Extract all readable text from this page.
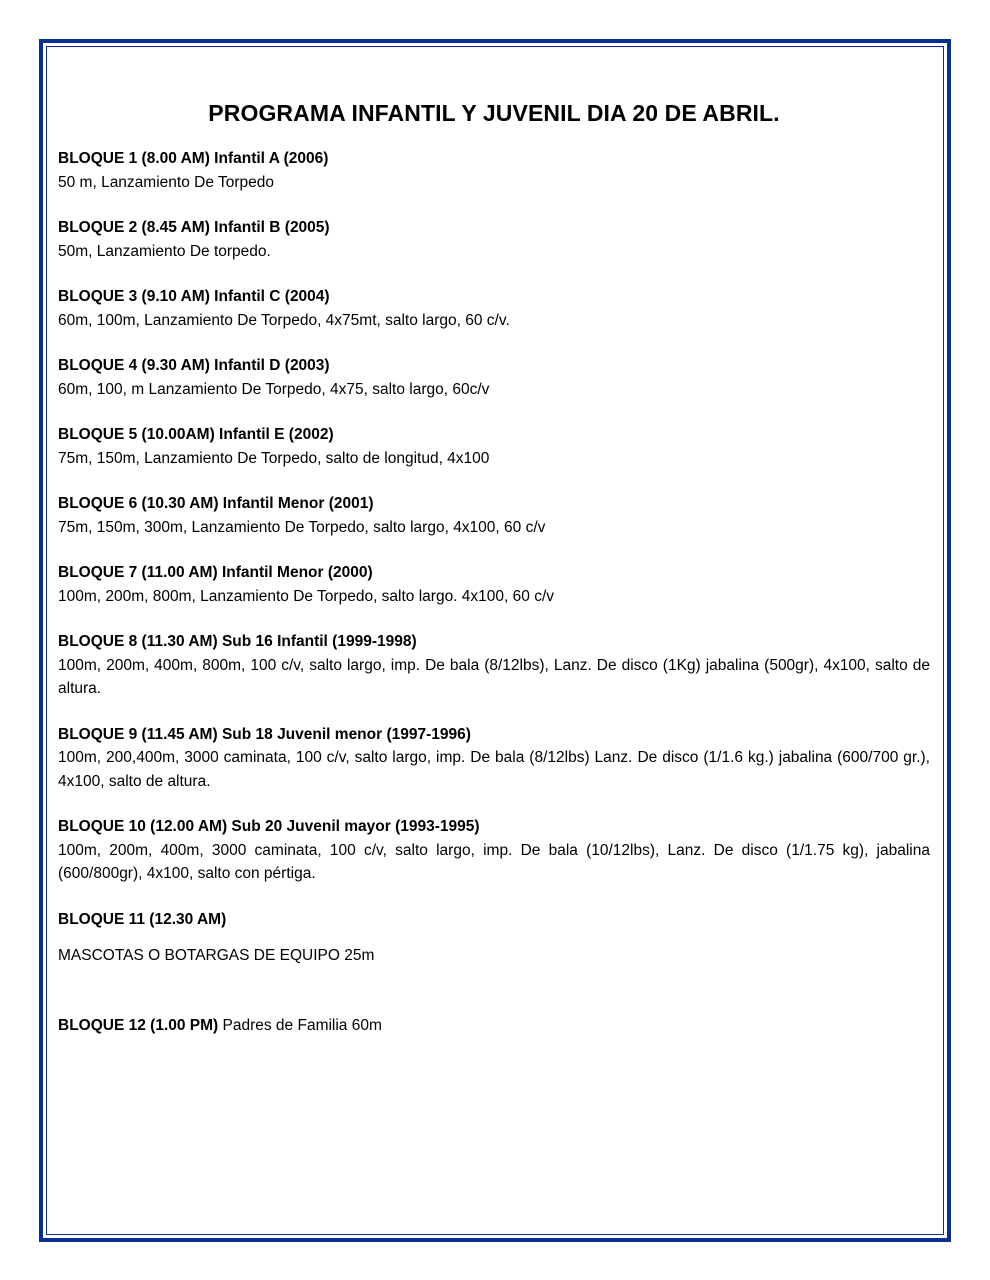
PROGRAMA INFANTIL Y JUVENIL DIA 20 DE ABRIL.
BLOQUE 1 (8.00 AM) Infantil A (2006)
50 m, Lanzamiento De Torpedo
BLOQUE 2 (8.45 AM) Infantil B (2005)
50m, Lanzamiento De torpedo.
BLOQUE 3 (9.10 AM) Infantil C (2004)
60m, 100m, Lanzamiento De Torpedo, 4x75mt, salto largo, 60 c/v.
BLOQUE 4 (9.30 AM) Infantil D (2003)
60m, 100, m Lanzamiento De Torpedo, 4x75, salto largo, 60c/v
BLOQUE 5 (10.00AM) Infantil E (2002)
75m, 150m, Lanzamiento De Torpedo, salto de longitud, 4x100
BLOQUE 6 (10.30 AM) Infantil Menor (2001)
75m, 150m, 300m, Lanzamiento De Torpedo, salto largo, 4x100, 60 c/v
BLOQUE 7 (11.00 AM) Infantil Menor (2000)
100m, 200m, 800m, Lanzamiento De Torpedo, salto largo. 4x100, 60 c/v
BLOQUE 8 (11.30 AM) Sub 16 Infantil (1999-1998)
100m, 200m, 400m, 800m, 100 c/v, salto largo, imp. De bala (8/12lbs), Lanz. De disco (1Kg) jabalina (500gr), 4x100, salto de altura.
BLOQUE 9 (11.45 AM) Sub 18 Juvenil menor (1997-1996)
100m, 200,400m, 3000 caminata, 100 c/v, salto largo, imp. De bala (8/12lbs) Lanz. De disco (1/1.6 kg.) jabalina (600/700 gr.), 4x100, salto de altura.
BLOQUE 10 (12.00 AM) Sub 20 Juvenil mayor (1993-1995)
100m, 200m, 400m, 3000 caminata, 100 c/v, salto largo, imp. De bala (10/12lbs), Lanz. De disco (1/1.75 kg), jabalina (600/800gr), 4x100, salto con pértiga.
BLOQUE 11 (12.30 AM)
MASCOTAS O BOTARGAS DE EQUIPO 25m
BLOQUE 12 (1.00 PM) Padres de Familia 60m
